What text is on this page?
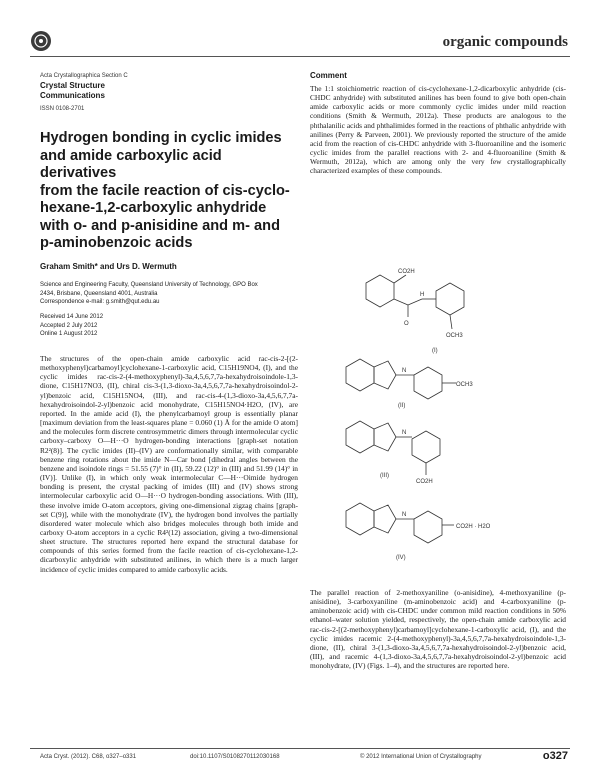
organic compounds
Acta Crystallographica Section C
Crystal Structure
Communications
ISSN 0108-2701
Hydrogen bonding in cyclic imides
and amide carboxylic acid derivatives
from the facile reaction of cis-cyclo-
hexane-1,2-carboxylic anhydride
with o- and p-anisidine and m- and
p-aminobenzoic acids
Graham Smith* and Urs D. Wermuth
Science and Engineering Faculty, Queensland University of Technology, GPO Box
2434, Brisbane, Queensland 4001, Australia
Correspondence e-mail: g.smith@qut.edu.au
Received 14 June 2012
Accepted 2 July 2012
Online 1 August 2012
The structures of the open-chain amide carboxylic acid rac-cis-2-[(2-methoxyphenyl)carbamoyl]cyclohexane-1-carboxylic acid, C15H19NO4, (I), and the cyclic imides rac-cis-2-(4-methoxyphenyl)-3a,4,5,6,7,7a-hexahydroisoindole-1,3-dione, C15H17NO3, (II), chiral cis-3-(1,3-dioxo-3a,4,5,6,7,7a-hexahydroisoindol-2-yl)benzoic acid, C15H15NO4, (III), and rac-cis-4-(1,3-dioxo-3a,4,5,6,7,7a-hexahydroisoindol-2-yl)benzoic acid monohydrate, C15H15NO4·H2O, (IV), are reported. In the amide acid (I), the phenylcarbamoyl group is essentially planar [maximum deviation from the least-squares plane = 0.060 (1) Å for the amide O atom] and the molecules form discrete centrosymmetric dimers through intermolecular cyclic carboxy–carboxy O—H···O hydrogen-bonding interactions [graph-set notation R2²(8)]. The cyclic imides (II)–(IV) are conformationally similar, with comparable benzene ring rotations about the imide N—Car bond [dihedral angles between the benzene and isoindole rings = 51.55 (7)° in (II), 59.22 (12)° in (III) and 51.99 (14)° in (IV)]. Unlike (I), in which only weak intermolecular C—H···Oimide hydrogen bonding is present, the crystal packing of imides (III) and (IV) shows strong intermolecular carboxylic acid O—H···O hydrogen-bonding associations. With (III), these involve imide O-atom acceptors, giving one-dimensional zigzag chains [graph-set C(9)], while with the monohydrate (IV), the hydrogen bond involves the partially disordered water molecule which also bridges molecules through both imide and carboxy O-atom acceptors in a cyclic R4²(12) association, giving a two-dimensional sheet structure. The structures reported here expand the structural database for compounds of this series formed from the facile reaction of cis-cyclohexane-1,2-dicarboxylic anhydride with substituted anilines, in which there is a much larger incidence of cyclic imides compared to amide carboxylic acids.
Comment
The 1:1 stoichiometric reaction of cis-cyclohexane-1,2-dicarboxylic anhydride (cis-CHDC anhydride) with substituted anilines has been found to give both open-chain amide carboxylic acids or more commonly cyclic imides under mild reaction conditions (Smith & Wermuth, 2012a). These products are analogous to the phthalanilic acids and phthalimides formed in the reactions of phthalic anhydride with anilines (Perry & Parveen, 2001). We previously reported the structure of the amide acid from the reaction of cis-CHDC anhydride with 3-fluoroaniline and the isomeric cyclic imides from the parallel reactions with 2- and 4-fluoroaniline (Smith & Wermuth, 2012a), which are among only the very few crystallographically characterized examples of these compounds.
CO2H
H
O
OCH3
(I)
N
OCH3
(II)
N
CO2H
(III)
N
CO2H · H2O
(IV)
The parallel reaction of 2-methoxyaniline (o-anisidine), 4-methoxyaniline (p-anisidine), 3-carboxyaniline (m-aminobenzoic acid) and 4-carboxyaniline (p-aminobenzoic acid) with cis-CHDC under common mild reaction conditions in 50% ethanol–water solution yielded, respectively, the open-chain amide carboxylic acid rac-cis-2-[(2-methoxyphenyl)carbamoyl]cyclohexane-1-carboxylic acid, (I), and the cyclic imides racemic 2-(4-methoxyphenyl)-3a,4,5,6,7,7a-hexahydroisoindole-1,3-dione, (II), chiral 3-(1,3-dioxo-3a,4,5,6,7,7a-hexahydroisoindol-2-yl)benzoic acid, (III), and racemic 4-(1,3-dioxo-3a,4,5,6,7,7a-hexahydroisoindol-2-yl)benzoic acid monohydrate, (IV) (Figs. 1–4), and the structures are reported here.
Acta Cryst. (2012). C68, o327–o331	doi:10.1107/S0108270112030168	© 2012 International Union of Crystallography	o327
